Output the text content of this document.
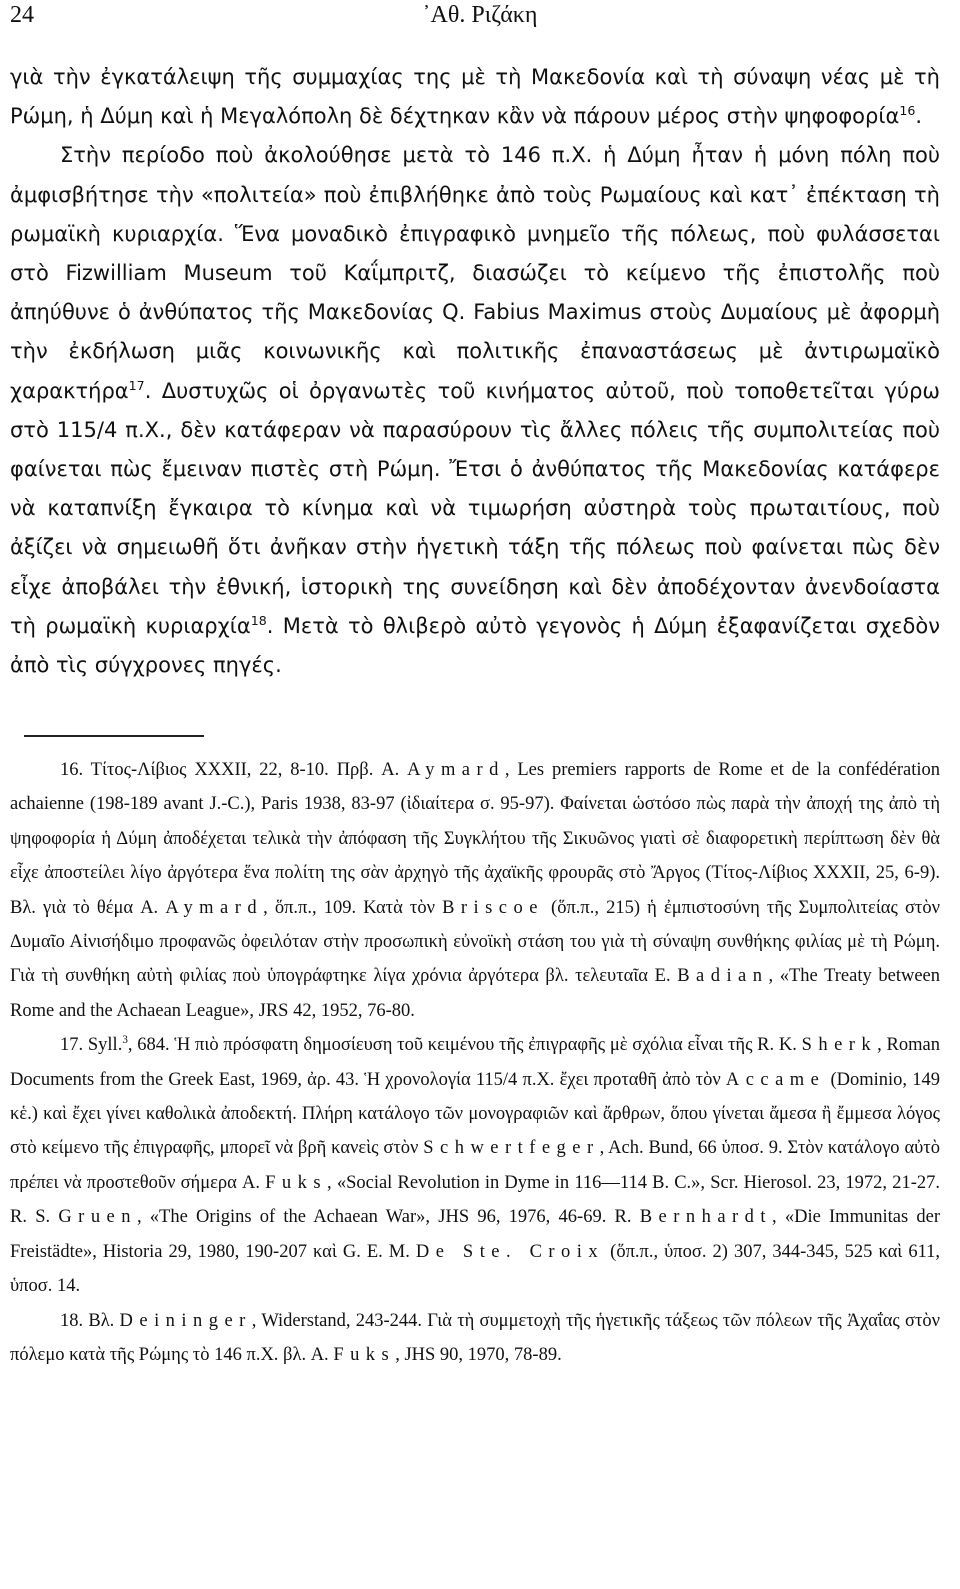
24	᾿Αθ. Ριζάκη

γιὰ τὴν ἐγκατάλειψη τῆς συμμαχίας της μὲ τὴ Μακεδονία καὶ τὴ σύναψη νέας μὲ τὴ Ρώμη, ἡ Δύμη καὶ ἡ Μεγαλόπολη δὲ δέχτηκαν κἂν νὰ πάρουν μέρος στὴν ψηφοφορία$^{16}$.

Στὴν περίοδο ποὺ ἀκολούθησε μετὰ τὸ 146 π.Χ. ἡ Δύμη ἦταν ἡ μόνη πόλη ποὺ ἀμφισβήτησε τὴν «πολιτεία» ποὺ ἐπιβλήθηκε ἀπὸ τοὺς Ρωμαίους καὶ κατ᾿ ἐπέκταση τὴ ρωμαϊκὴ κυριαρχία. Ἕνα μοναδικὸ ἐπιγραφικὸ μνημεῖο τῆς πόλεως, ποὺ φυλάσσεται στὸ Fizwilliam Museum τοῦ Καΐμπριτζ, διασώζει τὸ κείμενο τῆς ἐπιστολῆς ποὺ ἀπηύθυνε ὁ ἀνθύπατος τῆς Μακεδονίας Q. Fabius Maximus στοὺς Δυμαίους μὲ ἀφορμὴ τὴν ἐκδήλωση μιᾶς κοινωνικῆς καὶ πολιτικῆς ἐπαναστάσεως μὲ ἀντιρωμαϊκὸ χαρακτήρα$^{17}$. Δυστυχῶς οἱ ὀργανωτὲς τοῦ κινήματος αὐτοῦ, ποὺ τοποθετεῖται γύρω στὸ 115/4 π.Χ., δὲν κατάφεραν νὰ παρασύρουν τὶς ἄλλες πόλεις τῆς συμπολιτείας ποὺ φαίνεται πὼς ἔμειναν πιστὲς στὴ Ρώμη. Ἔτσι ὁ ἀνθύπατος τῆς Μακεδονίας κατάφερε νὰ καταπνίξη ἔγκαιρα τὸ κίνημα καὶ νὰ τιμωρήση αὐστηρὰ τοὺς πρωταιτίους, ποὺ ἀξίζει νὰ σημειωθῆ ὅτι ἀνῆκαν στὴν ἡγετικὴ τάξη τῆς πόλεως ποὺ φαίνεται πὼς δὲν εἶχε ἀποβάλει τὴν ἐθνική, ἱστορικὴ της συνείδηση καὶ δὲν ἀποδέχονταν ἀνενδοίαστα τὴ ρωμαϊκὴ κυριαρχία$^{18}$. Μετὰ τὸ θλιβερὸ αὐτὸ γεγονὸς ἡ Δύμη ἐξαφανίζεται σχεδὸν ἀπὸ τὶς σύγχρονες πηγές.

16. Τίτος-Λίβιος XXXII, 22, 8-10. Πρβ. A. Aymard, Les premiers rapports de Rome et de la confédération achaienne (198-189 avant J.-C.), Paris 1938, 83-97 (ἰδιαίτερα σ. 95-97). Φαίνεται ὡστόσο πὼς παρὰ τὴν ἀποχή της ἀπὸ τὴ ψηφοφορία ἡ Δύμη ἀποδέχεται τελικὰ τὴν ἀπόφαση τῆς Συγκλήτου τῆς Σικυῶνος γιατὶ σὲ διαφορετικὴ περίπτωση δὲν θὰ εἶχε ἀποστείλει λίγο ἀργότερα ἕνα πολίτη της σὰν ἀρχηγὸ τῆς ἀχαϊκῆς φρουρᾶς στὸ Ἄργος (Τίτος-Λίβιος XXXII, 25, 6-9). Βλ. γιὰ τὸ θέμα A. Aymard, ὅπ.π., 109. Κατὰ τὸν Briscoe (ὅπ.π., 215) ἡ ἐμπιστοσύνη τῆς Συμπολιτείας στὸν Δυμαῖο Αἰνισήδιμο προφανῶς ὀφειλόταν στὴν προσωπικὴ εὐνοϊκὴ στάση του γιὰ τὴ σύναψη συνθήκης φιλίας μὲ τὴ Ρώμη. Γιὰ τὴ συνθήκη αὐτὴ φιλίας ποὺ ὑπογράφτηκε λίγα χρόνια ἀργότερα βλ. τελευταῖα E. Badian, «The Treaty between Rome and the Achaean League», JRS 42, 1952, 76-80.

17. Syll.$^3$, 684. Ἡ πιὸ πρόσφατη δημοσίευση τοῦ κειμένου τῆς ἐπιγραφῆς μὲ σχόλια εἶναι τῆς R. K. Sherk, Roman Documents from the Greek East, 1969, ἀρ. 43. Ἡ χρονολογία 115/4 π.Χ. ἔχει προταθῆ ἀπὸ τὸν Accame (Dominio, 149 κἑ.) καὶ ἔχει γίνει καθολικὰ ἀποδεκτή. Πλήρη κατάλογο τῶν μονογραφιῶν καὶ ἄρθρων, ὅπου γίνεται ἄμεσα ἢ ἔμμεσα λόγος στὸ κείμενο τῆς ἐπιγραφῆς, μπορεῖ νὰ βρῆ κανεὶς στὸν Schwertfeger, Ach. Bund, 66 ὑποσ. 9. Στὸν κατάλογο αὐτὸ πρέπει νὰ προστεθοῦν σήμερα A. Fuks, «Social Revolution in Dyme in 116—114 B. C.», Scr. Hierosol. 23, 1972, 21-27. R. S. Gruen, «The Origins of the Achaean War», JHS 96, 1976, 46-69. R. Bernhardt, «Die Immunitas der Freistädte», Historia 29, 1980, 190-207 καὶ G. E. M. De Ste. Croix (ὅπ.π., ὑποσ. 2) 307, 344-345, 525 καὶ 611, ὑποσ. 14.

18. Βλ. Deininger, Widerstand, 243-244. Γιὰ τὴ συμμετοχὴ τῆς ἡγετικῆς τάξεως τῶν πόλεων τῆς Ἀχαΐας στὸν πόλεμο κατὰ τῆς Ρώμης τὸ 146 π.Χ. βλ. A. Fuks, JHS 90, 1970, 78-89.
